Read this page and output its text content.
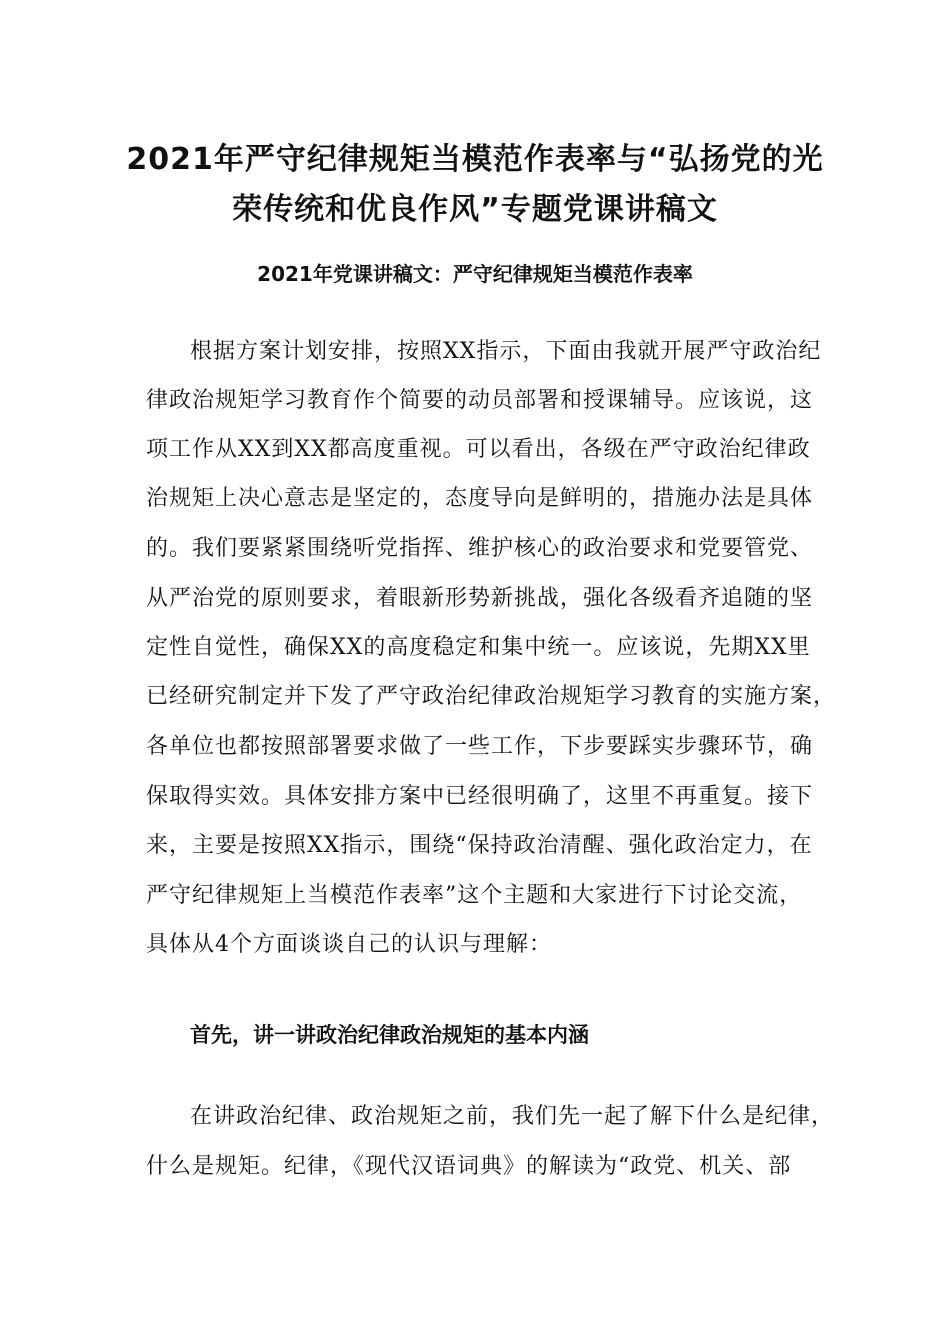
2021年严守纪律规矩当模范作表率与“弘扬党的光
荣传统和优良作风”专题党课讲稿文
2021年党课讲稿文：严守纪律规矩当模范作表率
根据方案计划安排，按照XX指示，下面由我就开展严守政治纪
律政治规矩学习教育作个简要的动员部署和授课辅导。应该说，这
项工作从XX到XX都高度重视。可以看出，各级在严守政治纪律政
治规矩上决心意志是坚定的，态度导向是鲜明的，措施办法是具体
的。我们要紧紧围绕听党指挥、维护核心的政治要求和党要管党、
从严治党的原则要求，着眼新形势新挑战，强化各级看齐追随的坚
定性自觉性，确保XX的高度稳定和集中统一。应该说，先期XX里
已经研究制定并下发了严守政治纪律政治规矩学习教育的实施方案，
各单位也都按照部署要求做了一些工作，下步要踩实步骤环节，确
保取得实效。具体安排方案中已经很明确了，这里不再重复。接下
来，主要是按照XX指示，围绕“保持政治清醒、强化政治定力，在
严守纪律规矩上当模范作表率”这个主题和大家进行下讨论交流，
具体从4个方面谈谈自己的认识与理解：
首先，讲一讲政治纪律政治规矩的基本内涵
在讲政治纪律、政治规矩之前，我们先一起了解下什么是纪律，
什么是规矩。纪律，《现代汉语词典》的解读为“政党、机关、部
